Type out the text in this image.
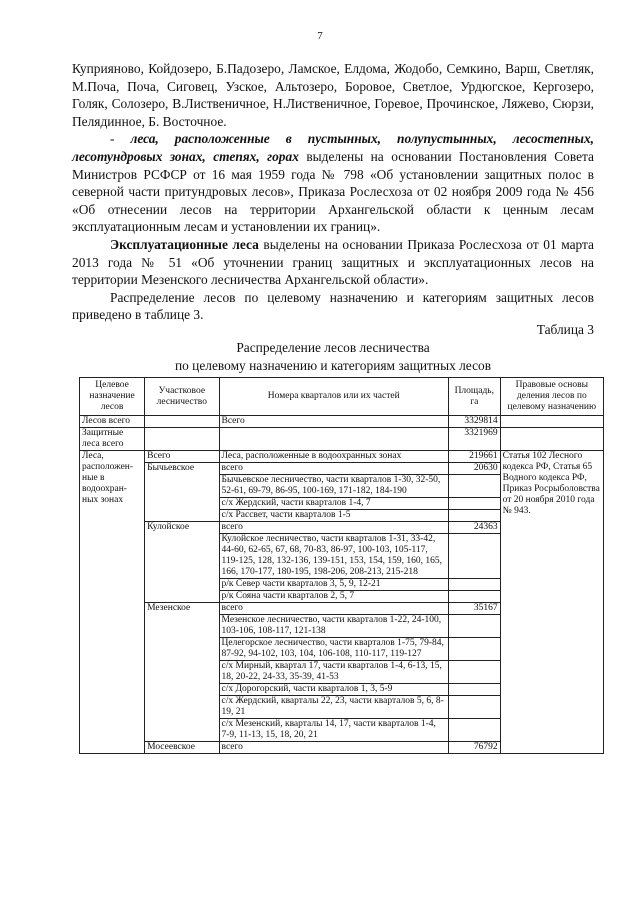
7

Куприяново, Койдозеро, Б.Падозеро, Ламское, Елдома, Жодобо, Семкино, Варш, Светляк, М.Поча, Поча, Сиговец, Узское, Альтозеро, Боровое, Светлое, Урдюгское, Кергозеро, Голяк, Солозеро, В.Лиственичное, Н.Лиственичное, Горевое, Прочинское, Ляжево, Сюрзи, Пелядинное, Б. Восточное.

- леса, расположенные в пустынных, полупустынных, лесостепных, лесотундровых зонах, степях, горах выделены на основании Постановления Совета Министров РСФСР от 16 мая 1959 года № 798 «Об установлении защитных полос в северной части притундровых лесов», Приказа Рослесхоза от 02 ноября 2009 года № 456 «Об отнесении лесов на территории Архангельской области к ценным лесам эксплуатационным лесам и установлении их границ».

Эксплуатационные леса выделены на основании Приказа Рослесхоза от 01 марта 2013 года № 51 «Об уточнении границ защитных и эксплуатационных лесов на территории Мезенского лесничества Архангельской области».

Распределение лесов по целевому назначению и категориям защитных лесов приведено в таблице 3.

Таблица 3
Распределение лесов лесничества
по целевому назначению и категориям защитных лесов
Целевое назначение лесов	Участковое лесничество	Номера кварталов или их частей	Площадь, га	Правовые основы деления лесов по целевому назначению
Лесов всего		Всего	3329814	
Защитные леса всего			3321969	
Леса, расположен-ные в водоохран-ных зонах	Всего	Леса, расположенные в водоохранных зонах	219661	Статья 102 Лесного кодекса РФ, Статья 65 Водного кодекса РФ, Приказ Росрыболовства от 20 ноября 2010 года № 943.
	Бычьевское	всего	20630	
		Бычьевское лесничество, части кварталов 1-30, 32-50, 52-61, 69-79, 86-95, 100-169, 171-182, 184-190		
		с/х Жердский, части кварталов 1-4, 7		
		с/х Рассвет, части кварталов 1-5		
	Кулойское	всего	24363	
		Кулойское лесничество, части кварталов 1-31, 33-42, 44-60, 62-65, 67, 68, 70-83, 86-97, 100-103, 105-117, 119-125, 128, 132-136, 139-151, 153, 154, 159, 160, 165, 166, 170-177, 180-195, 198-206, 208-213, 215-218		
		р/к Север части кварталов 3, 5, 9, 12-21		
		р/к Сояна части кварталов 2, 5, 7		
	Мезенское	всего	35167	
		Мезенское лесничество, части кварталов 1-22, 24-100, 103-106, 108-117, 121-138		
		Целегорское лесничество, части кварталов 1-75, 79-84, 87-92, 94-102, 103, 104, 106-108, 110-117, 119-127		
		с/х Мирный, квартал 17, части кварталов 1-4, 6-13, 15, 18, 20-22, 24-33, 35-39, 41-53		
		с/х Дорогорский, части кварталов 1, 3, 5-9		
		с/х Жердский, кварталы 22, 23, части кварталов 5, 6, 8-19, 21		
		с/х Мезенский, кварталы 14, 17, части кварталов 1-4, 7-9, 11-13, 15, 18, 20, 21		
	Мосеевское	всего	76792	
